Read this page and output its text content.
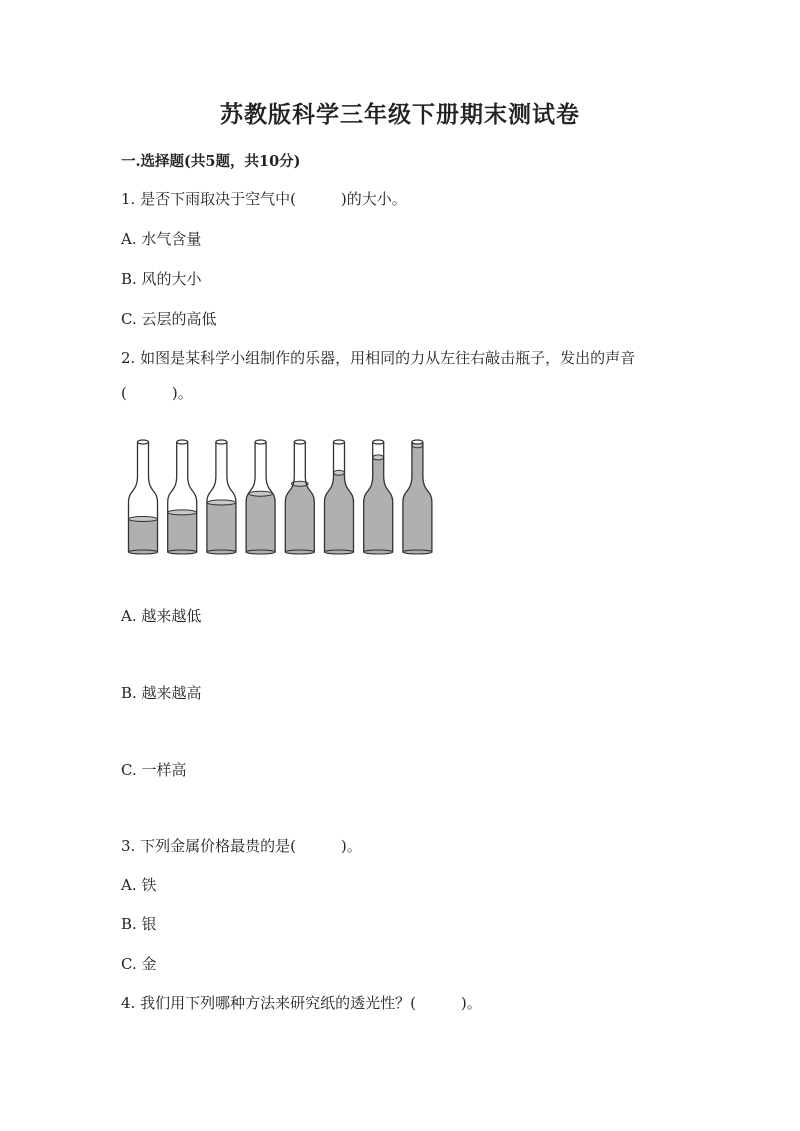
苏教版科学三年级下册期末测试卷
一.选择题(共5题，共10分)
1. 是否下雨取决于空气中(　　　)的大小。
A. 水气含量
B. 风的大小
C. 云层的高低
2. 如图是某科学小组制作的乐器，用相同的力从左往右敲击瓶子，发出的声音
(　　　)。
A. 越来越低
B. 越来越高
C. 一样高
3. 下列金属价格最贵的是(　　　)。
A. 铁
B. 银
C. 金
4. 我们用下列哪种方法来研究纸的透光性？(　　　)。
